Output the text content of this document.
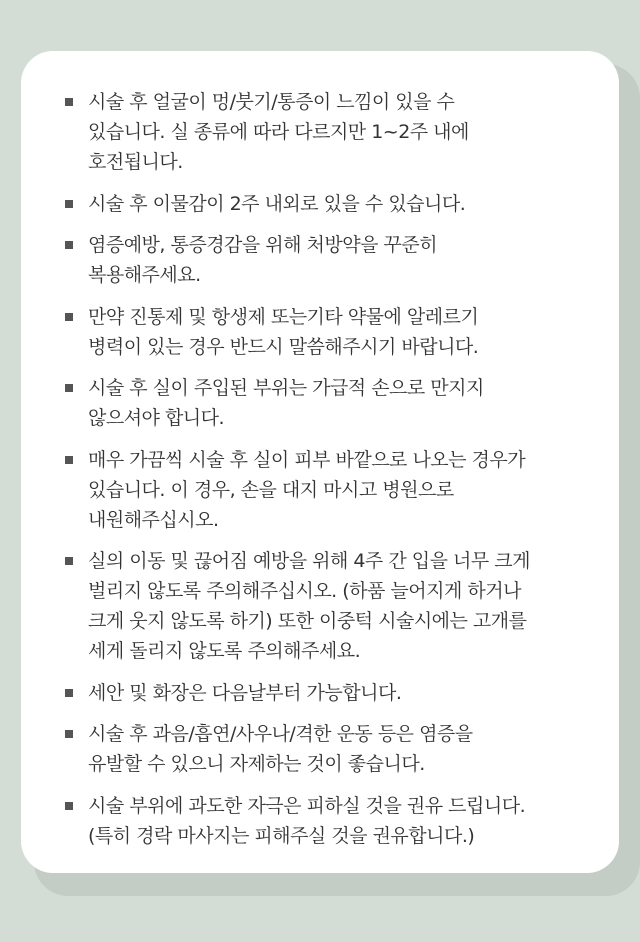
시술 후 얼굴이 멍/붓기/통증이 느낌이 있을 수
있습니다. 실 종류에 따라 다르지만 1~2주 내에
호전됩니다.
시술 후 이물감이 2주 내외로 있을 수 있습니다.
염증예방, 통증경감을 위해 처방약을 꾸준히
복용해주세요.
만약 진통제 및 항생제 또는기타 약물에 알레르기
병력이 있는 경우 반드시 말씀해주시기 바랍니다.
시술 후 실이 주입된 부위는 가급적 손으로 만지지
않으셔야 합니다.
매우 가끔씩 시술 후 실이 피부 바깥으로 나오는 경우가
있습니다. 이 경우, 손을 대지 마시고 병원으로
내원해주십시오.
실의 이동 및 끊어짐 예방을 위해 4주 간 입을 너무 크게
벌리지 않도록 주의해주십시오. (하품 늘어지게 하거나
크게 웃지 않도록 하기) 또한 이중턱 시술시에는 고개를
세게 돌리지 않도록 주의해주세요.
세안 및 화장은 다음날부터 가능합니다.
시술 후 과음/흡연/사우나/격한 운동 등은 염증을
유발할 수 있으니 자제하는 것이 좋습니다.
시술 부위에 과도한 자극은 피하실 것을 권유 드립니다.
(특히 경락 마사지는 피해주실 것을 권유합니다.)
